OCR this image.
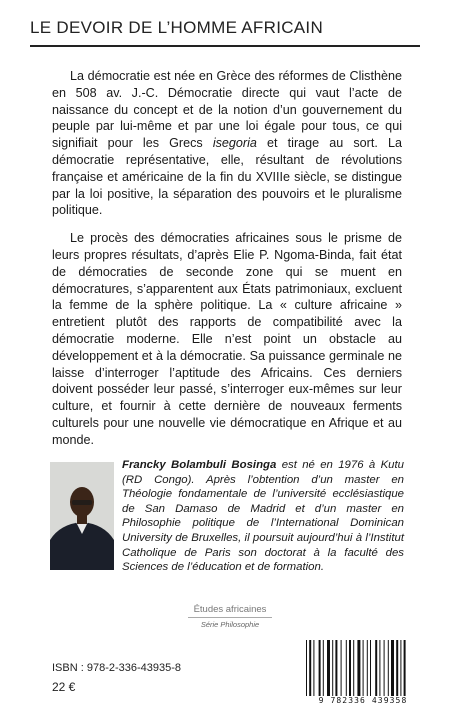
LE DEVOIR DE L’HOMME AFRICAIN

La démocratie est née en Grèce des réformes de Clisthène en 508 av. J.-C. Démocratie directe qui vaut l’acte de naissance du concept et de la notion d’un gouvernement du peuple par lui-même et par une loi égale pour tous, ce qui signifiait pour les Grecs isegoria et tirage au sort. La démocratie représentative, elle, résultant de révolutions française et américaine de la fin du XVIIIe siècle, se distingue par la loi positive, la séparation des pouvoirs et le pluralisme politique.

Le procès des démocraties africaines sous le prisme de leurs propres résultats, d’après Elie P. Ngoma-Binda, fait état de démocraties de seconde zone qui se muent en démocratures, s’apparentent aux États patrimoniaux, excluent la femme de la sphère politique. La « culture africaine » entretient plutôt des rapports de compatibilité avec la démocratie moderne. Elle n’est point un obstacle au développement et à la démocratie. Sa puissance germinale ne laisse d’interroger l’aptitude des Africains. Ces derniers doivent posséder leur passé, s’interroger eux-mêmes sur leur culture, et fournir à cette dernière de nouveaux ferments culturels pour une nouvelle vie démocratique en Afrique et au monde.

Francky Bolambuli Bosinga est né en 1976 à Kutu (RD Congo). Après l’obtention d’un master en Théologie fondamentale de l’université ecclésiastique de San Damaso de Madrid et d’un master en Philosophie politique de l’International Dominican University de Bruxelles, il poursuit aujourd’hui à l’Institut Catholique de Paris son doctorat à la faculté des Sciences de l’éducation et de formation.
Études africaines
Série Philosophie
ISBN : 978-2-336-43935-8
22 €
9 782336 439358
